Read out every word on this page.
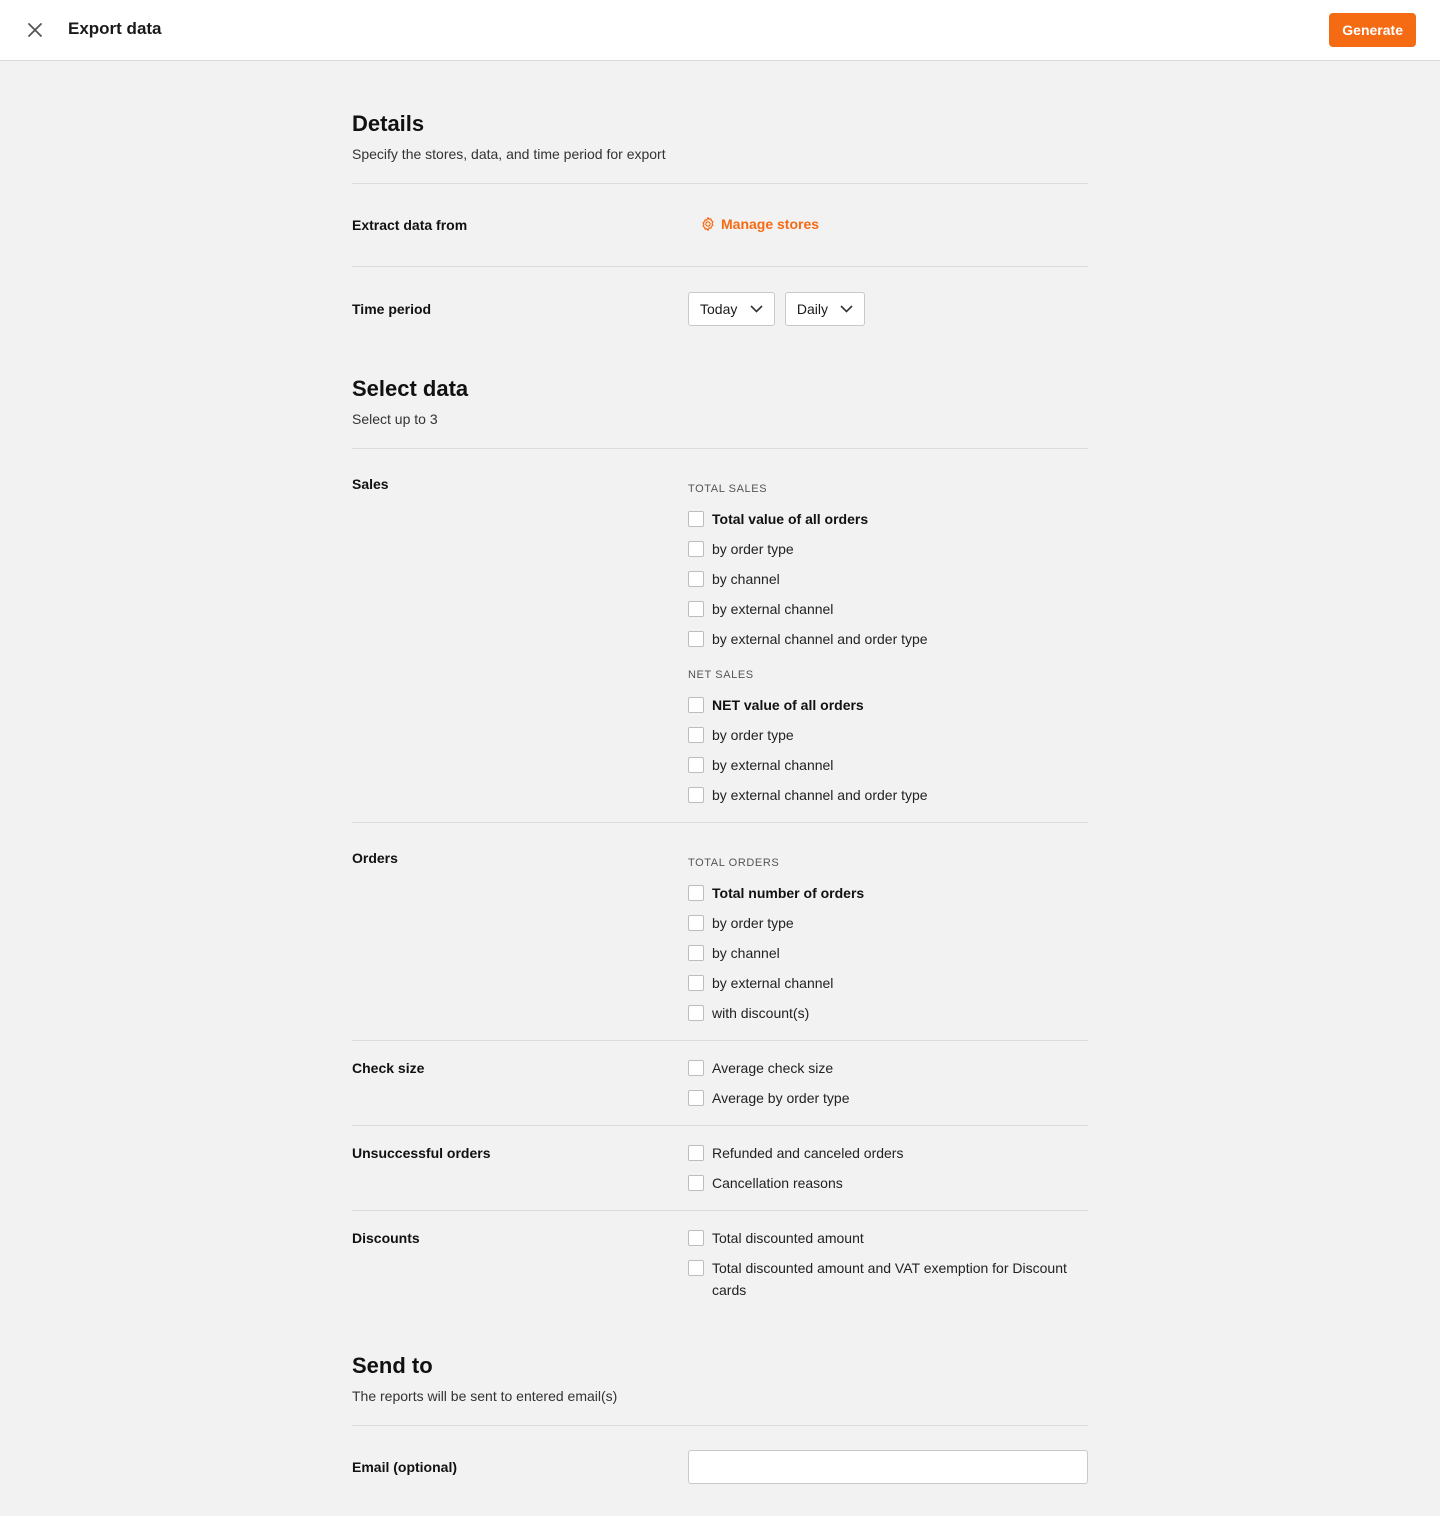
Export data	Generate
Details

Specify the stores, data, and time period for export

Extract data from	Manage stores
Time period	Today
	Daily
Select data

Select up to 3

Sales	TOTAL SALES
Total value of all orders
by order type
by channel
by external channel
by external channel and order type
NET SALES
NET value of all orders
by order type
by external channel
by external channel and order type
Orders	TOTAL ORDERS
Total number of orders
by order type
by channel
by external channel
with discount(s)
Check size	Average check size
Average by order type
Unsuccessful orders	Refunded and canceled orders
Cancellation reasons
Discounts	Total discounted amount
Total discounted amount and VAT exemption for Discount cards
Send to

The reports will be sent to entered email(s)

Email (optional)
